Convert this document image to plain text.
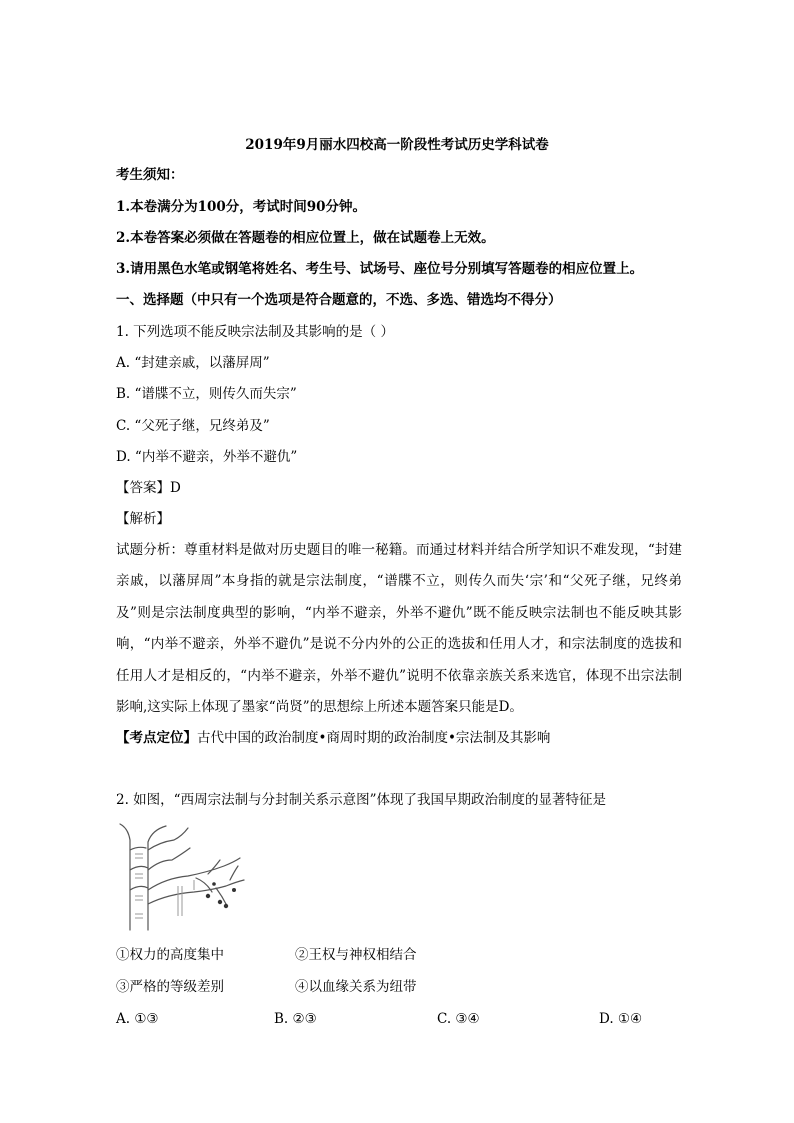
2019年9月丽水四校高一阶段性考试历史学科试卷
考生须知：
1.本卷满分为100分，考试时间90分钟。
2.本卷答案必须做在答题卷的相应位置上，做在试题卷上无效。
3.请用黑色水笔或钢笔将姓名、考生号、试场号、座位号分别填写答题卷的相应位置上。
一、选择题（中只有一个选项是符合题意的，不选、多选、错选均不得分）
1. 下列选项不能反映宗法制及其影响的是（ ）
A. “封建亲戚，以藩屏周”
B. “谱牒不立，则传久而失宗”
C. “父死子继，兄终弟及”
D. “内举不避亲，外举不避仇”
【答案】D
【解析】
试题分析：尊重材料是做对历史题目的唯一秘籍。而通过材料并结合所学知识不难发现，“封建亲戚，以藩屏周”本身指的就是宗法制度，“谱牒不立，则传久而失‘宗’和“父死子继，兄终弟及”则是宗法制度典型的影响，“内举不避亲，外举不避仇”既不能反映宗法制也不能反映其影响，“内举不避亲，外举不避仇”是说不分内外的公正的选拔和任用人才，和宗法制度的选拔和任用人才是相反的，“内举不避亲，外举不避仇”说明不依靠亲族关系来选官，体现不出宗法制影响,这实际上体现了墨家“尚贤”的思想综上所述本题答案只能是D。
【考点定位】古代中国的政治制度•商周时期的政治制度•宗法制及其影响
2. 如图，“西周宗法制与分封制关系示意图”体现了我国早期政治制度的显著特征是
①权力的高度集中	②王权与神权相结合
③严格的等级差别	④以血缘关系为纽带
A. ①③	B. ②③	C. ③④	D. ①④
